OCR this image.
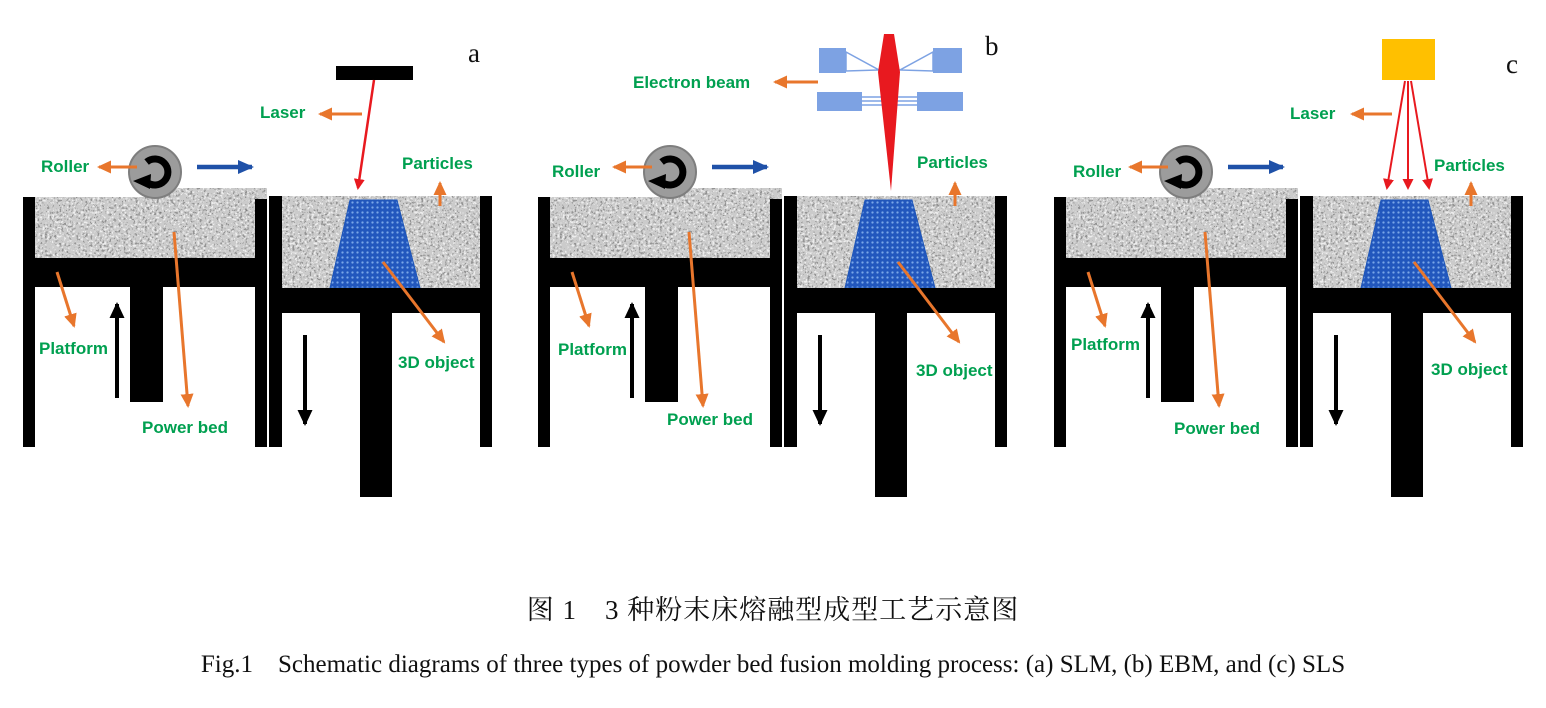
a
Laser
Roller	Particles
Platform
Power bed
3D object
b
Electron beam
Roller	Particles
Platform
Power bed
3D object
c
Laser
Roller	Particles
Platform
Power bed
3D object
图 1　3 种粉末床熔融型成型工艺示意图
Fig.1　Schematic diagrams of three types of powder bed fusion molding process: (a) SLM, (b) EBM, and (c) SLS
